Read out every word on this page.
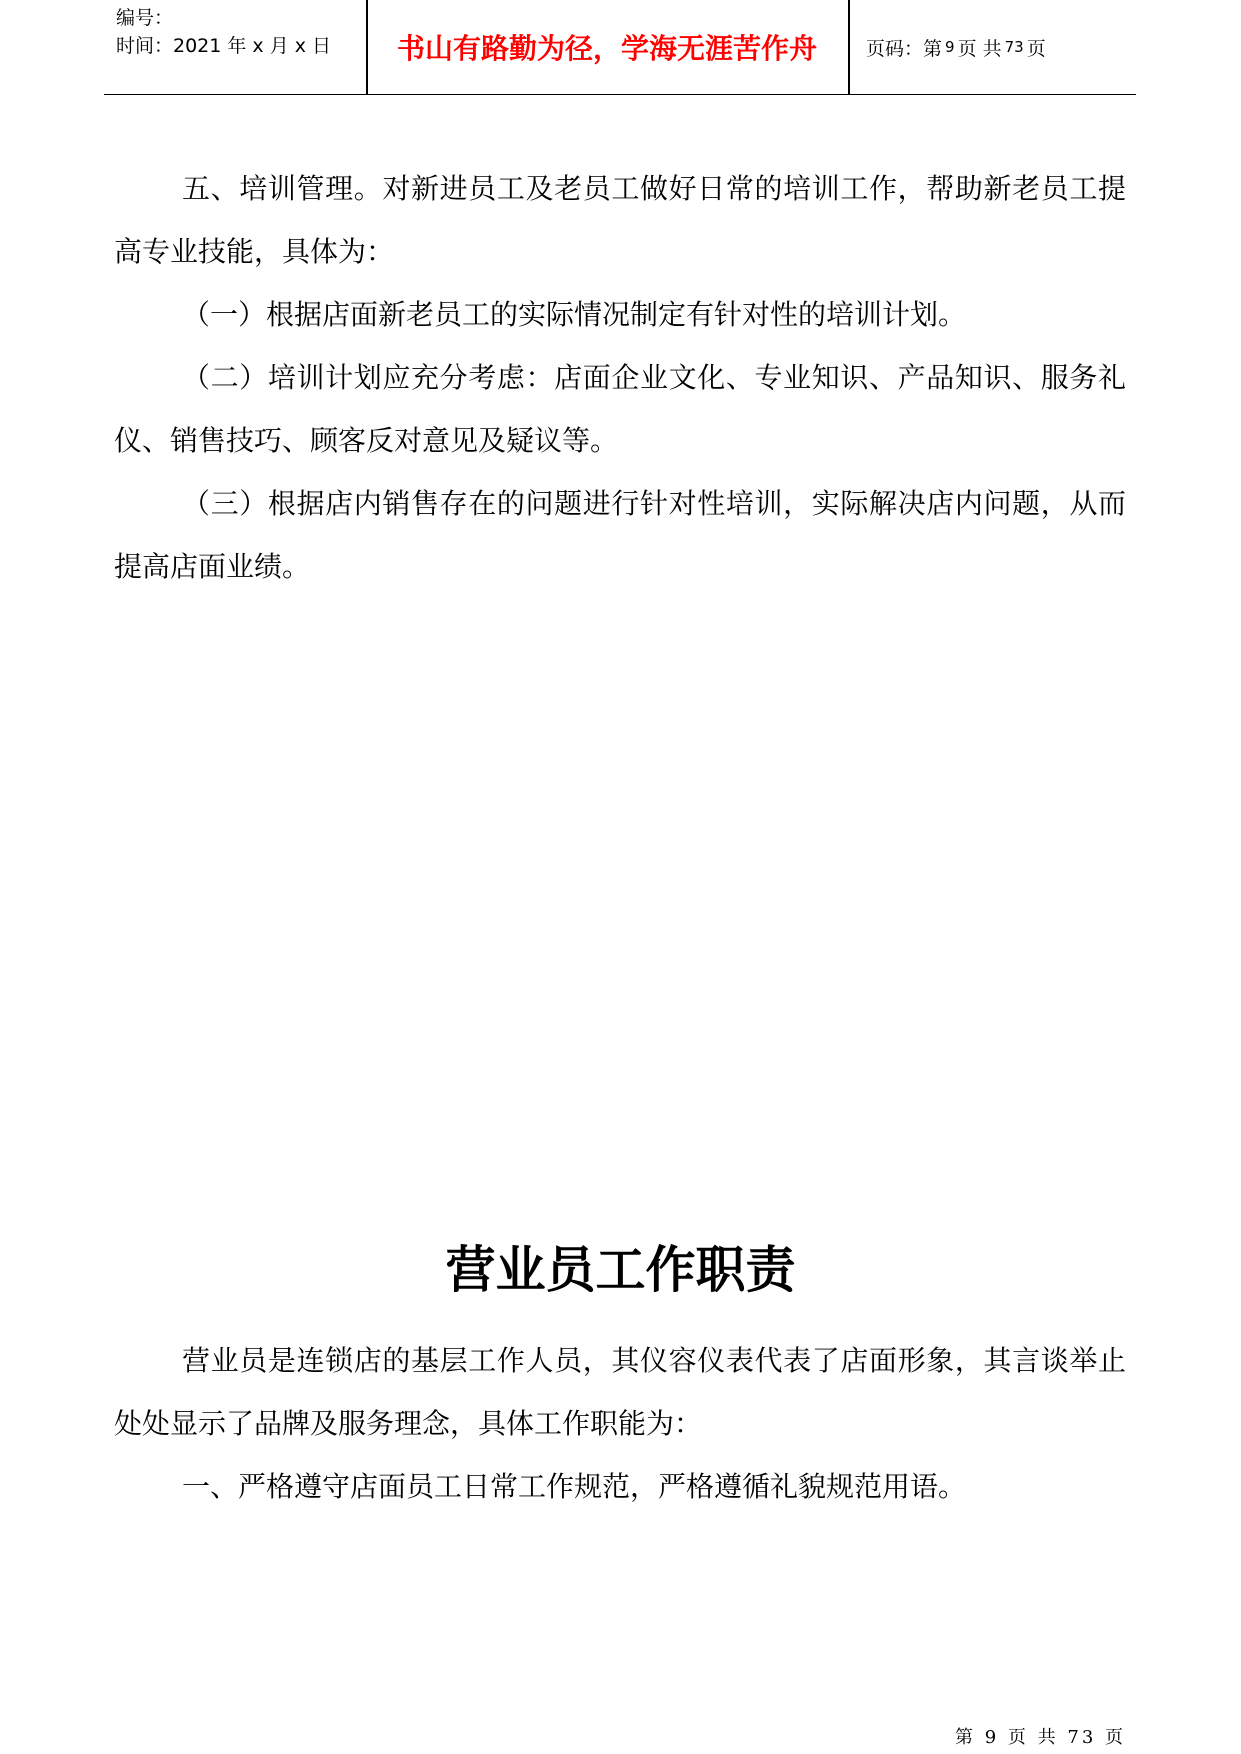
编号：
时间：2021 年 x 月 x 日	书山有路勤为径，学海无涯苦作舟	页码：第 9 页 共 73 页

五、培训管理。对新进员工及老员工做好日常的培训工作，帮助新老员工提高专业技能，具体为：

（一）根据店面新老员工的实际情况制定有针对性的培训计划。

（二）培训计划应充分考虑：店面企业文化、专业知识、产品知识、服务礼仪、销售技巧、顾客反对意见及疑议等。

（三）根据店内销售存在的问题进行针对性培训，实际解决店内问题，从而提高店面业绩。

营业员工作职责

营业员是连锁店的基层工作人员，其仪容仪表代表了店面形象，其言谈举止处处显示了品牌及服务理念，具体工作职能为：

一、严格遵守店面员工日常工作规范，严格遵循礼貌规范用语。

第 9 页 共 73 页
